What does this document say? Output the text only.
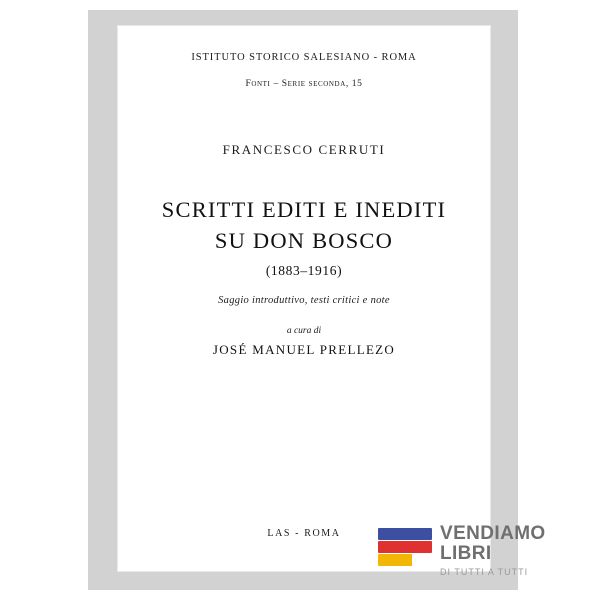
ISTITUTO STORICO SALESIANO - ROMA
Fonti – Serie seconda, 15
FRANCESCO CERRUTI
SCRITTI EDITI E INEDITI
SU DON BOSCO
(1883–1916)
Saggio introduttivo, testi critici e note
a cura di
JOSÉ MANUEL PRELLEZO
LAS - ROMA	VENDIAMO
LIBRI
DI TUTTI A TUTTI
